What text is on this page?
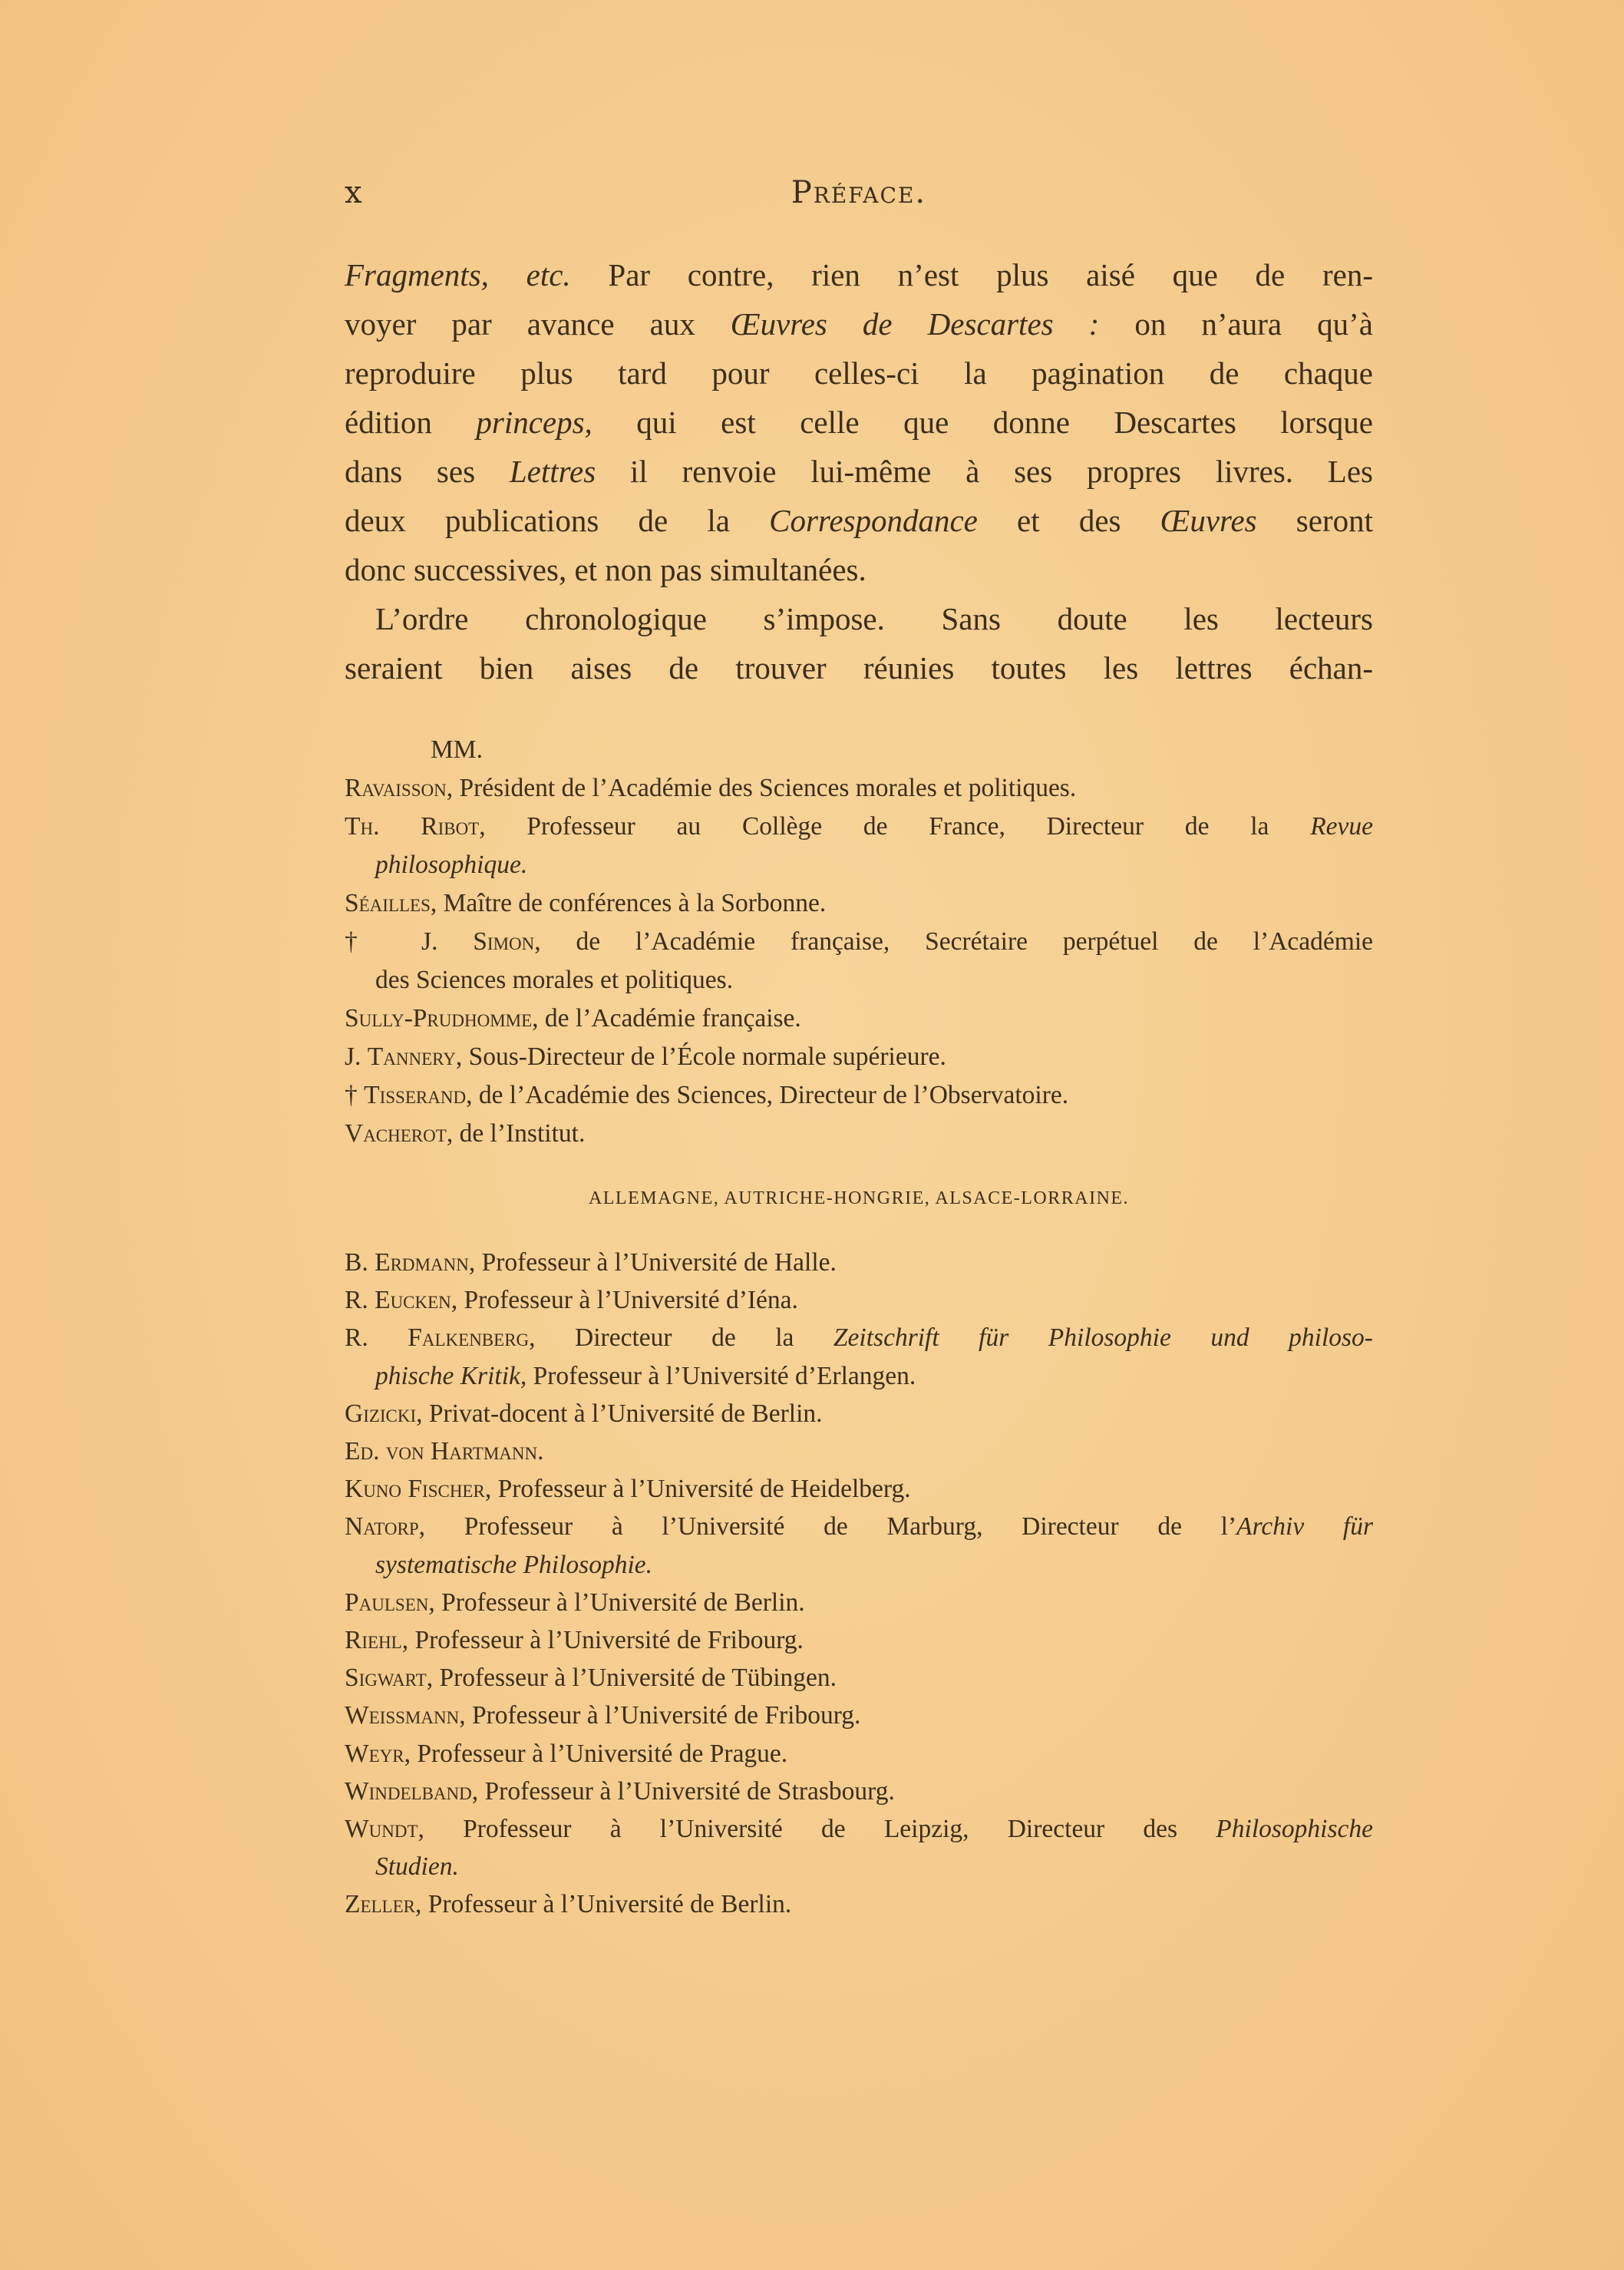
x	Préface.
Fragments, etc. Par contre, rien n’est plus aisé que de ren-
voyer par avance aux Œuvres de Descartes : on n’aura qu’à
reproduire plus tard pour celles-ci la pagination de chaque
édition princeps, qui est celle que donne Descartes lorsque
dans ses Lettres il renvoie lui-même à ses propres livres. Les
deux publications de la Correspondance et des Œuvres seront
donc successives, et non pas simultanées.
L’ordre chronologique s’impose. Sans doute les lecteurs
seraient bien aises de trouver réunies toutes les lettres échan-
MM.
Ravaisson, Président de l’Académie des Sciences morales et politiques.
Th. Ribot, Professeur au Collège de France, Directeur de la Revue
philosophique.
Séailles, Maître de conférences à la Sorbonne.
† J. Simon, de l’Académie française, Secrétaire perpétuel de l’Académie
des Sciences morales et politiques.
Sully-Prudhomme, de l’Académie française.
J. Tannery, Sous-Directeur de l’École normale supérieure.
† Tisserand, de l’Académie des Sciences, Directeur de l’Observatoire.
Vacherot, de l’Institut.
ALLEMAGNE, AUTRICHE-HONGRIE, ALSACE-LORRAINE.
B. Erdmann, Professeur à l’Université de Halle.
R. Eucken, Professeur à l’Université d’Iéna.
R. Falkenberg, Directeur de la Zeitschrift für Philosophie und philoso-
phische Kritik, Professeur à l’Université d’Erlangen.
Gizicki, Privat-docent à l’Université de Berlin.
Ed. von Hartmann.
Kuno Fischer, Professeur à l’Université de Heidelberg.
Natorp, Professeur à l’Université de Marburg, Directeur de l’Archiv für
systematische Philosophie.
Paulsen, Professeur à l’Université de Berlin.
Riehl, Professeur à l’Université de Fribourg.
Sigwart, Professeur à l’Université de Tübingen.
Weissmann, Professeur à l’Université de Fribourg.
Weyr, Professeur à l’Université de Prague.
Windelband, Professeur à l’Université de Strasbourg.
Wundt, Professeur à l’Université de Leipzig, Directeur des Philosophische
Studien.
Zeller, Professeur à l’Université de Berlin.
